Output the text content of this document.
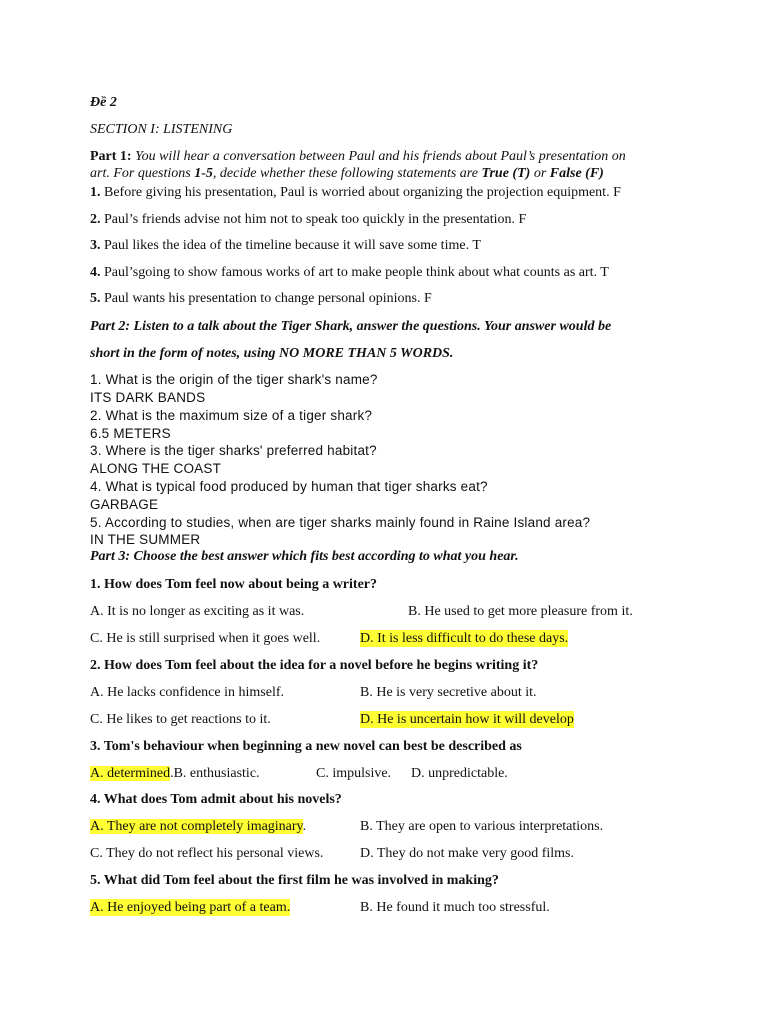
Đề 2
SECTION I: LISTENING
Part 1: You will hear a conversation between Paul and his friends about Paul’s presentation on
art. For questions 1-5, decide whether these following statements are True (T) or False (F)
1. Before giving his presentation, Paul is worried about organizing the projection equipment. F
2. Paul’s friends advise not him not to speak too quickly in the presentation. F
3. Paul likes the idea of the timeline because it will save some time. T
4. Paul’sgoing to show famous works of art to make people think about what counts as art. T
5. Paul wants his presentation to change personal opinions. F
Part 2: Listen to a talk about the Tiger Shark, answer the questions. Your answer would be
short in the form of notes, using NO MORE THAN 5 WORDS.
1. What is the origin of the tiger shark's name?
ITS DARK BANDS
2. What is the maximum size of a tiger shark?
6.5 METERS
3. Where is the tiger sharks' preferred habitat?
ALONG THE COAST
4. What is typical food produced by human that tiger sharks eat?
GARBAGE
5. According to studies, when are tiger sharks mainly found in Raine Island area?
IN THE SUMMER
Part 3: Choose the best answer which fits best according to what you hear.
1. How does Tom feel now about being a writer?
A. It is no longer as exciting as it was.	B. He used to get more pleasure from it.
C. He is still surprised when it goes well.	D. It is less difficult to do these days.
2. How does Tom feel about the idea for a novel before he begins writing it?
A. He lacks confidence in himself.	B. He is very secretive about it.
C. He likes to get reactions to it.	D. He is uncertain how it will develop
3. Tom's behaviour when beginning a new novel can best be described as
A. determined.B. enthusiastic.	C. impulsive. D. unpredictable.
4. What does Tom admit about his novels?
A. They are not completely imaginary.	B. They are open to various interpretations.
C. They do not reflect his personal views.	D. They do not make very good films.
5. What did Tom feel about the first film he was involved in making?
A. He enjoyed being part of a team.	B. He found it much too stressful.
